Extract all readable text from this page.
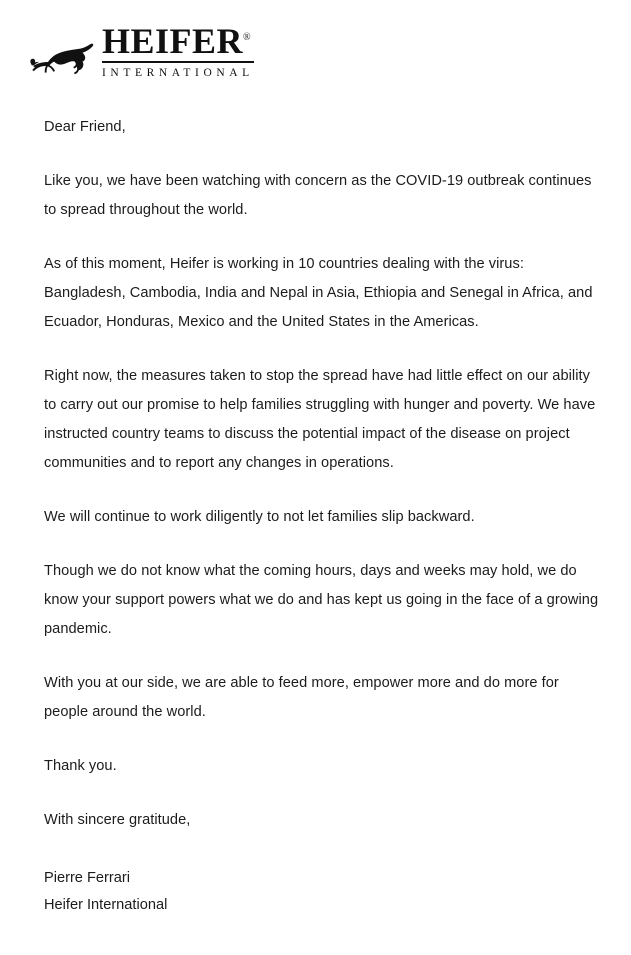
HEIFER®
INTERNATIONAL

Dear Friend,

Like you, we have been watching with concern as the COVID-19 outbreak continues to spread throughout the world.

As of this moment, Heifer is working in 10 countries dealing with the virus: Bangladesh, Cambodia, India and Nepal in Asia, Ethiopia and Senegal in Africa, and Ecuador, Honduras, Mexico and the United States in the Americas.

Right now, the measures taken to stop the spread have had little effect on our ability to carry out our promise to help families struggling with hunger and poverty. We have instructed country teams to discuss the potential impact of the disease on project communities and to report any changes in operations.

We will continue to work diligently to not let families slip backward.

Though we do not know what the coming hours, days and weeks may hold, we do know your support powers what we do and has kept us going in the face of a growing pandemic.

With you at our side, we are able to feed more, empower more and do more for people around the world.

Thank you.

With sincere gratitude,

Pierre Ferrari

Heifer International
